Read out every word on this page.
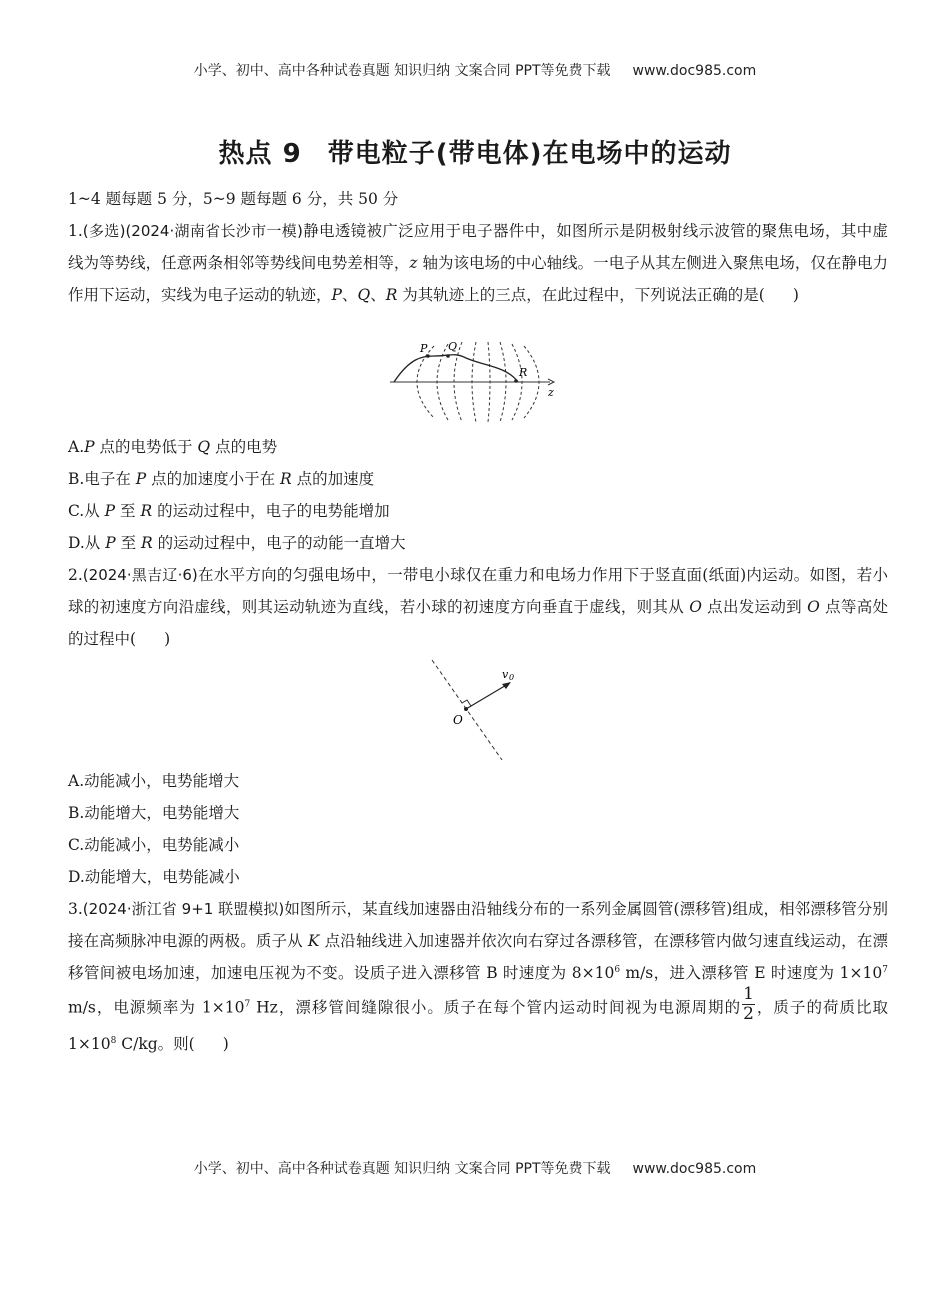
小学、初中、高中各种试卷真题 知识归纳 文案合同 PPT等免费下载 www.doc985.com
热点 9 带电粒子(带电体)在电场中的运动
1~4 题每题 5 分，5~9 题每题 6 分，共 50 分
1.(多选)(2024·湖南省长沙市一模)静电透镜被广泛应用于电子器件中，如图所示是阴极射线示波管的聚焦电场，其中虚线为等势线，任意两条相邻等势线间电势差相等，z 轴为该电场的中心轴线。一电子从其左侧进入聚焦电场，仅在静电力作用下运动，实线为电子运动的轨迹，P、Q、R 为其轨迹上的三点，在此过程中，下列说法正确的是( )
P Q
R
z
A.P 点的电势低于 Q 点的电势
B.电子在 P 点的加速度小于在 R 点的加速度
C.从 P 至 R 的运动过程中，电子的电势能增加
D.从 P 至 R 的运动过程中，电子的动能一直增大
2.(2024·黑吉辽·6)在水平方向的匀强电场中，一带电小球仅在重力和电场力作用下于竖直面(纸面)内运动。如图，若小球的初速度方向沿虚线，则其运动轨迹为直线，若小球的初速度方向垂直于虚线，则其从 O 点出发运动到 O 点等高处的过程中( )
O
v 0
A.动能减小，电势能增大
B.动能增大，电势能增大
C.动能减小，电势能减小
D.动能增大，电势能减小
3.(2024·浙江省 9+1 联盟模拟)如图所示，某直线加速器由沿轴线分布的一系列金属圆管(漂移管)组成，相邻漂移管分别接在高频脉冲电源的两极。质子从 K 点沿轴线进入加速器并依次向右穿过各漂移管，在漂移管内做匀速直线运动，在漂移管间被电场加速，加速电压视为不变。设质子进入漂移管 B 时速度为 $8\times 10^6$ m/s，进入漂移管 E 时速度为 $1\times 10^7$ m/s，电源频率为 $1\times 10^7$ Hz，漂移管间缝隙很小。质子在每个管内运动时间视为电源周期的 $\frac{1}{2}$ ，质子的荷质比取 $1\times 10^8$ C/kg。则( )
小学、初中、高中各种试卷真题 知识归纳 文案合同 PPT等免费下载 www.doc985.com
